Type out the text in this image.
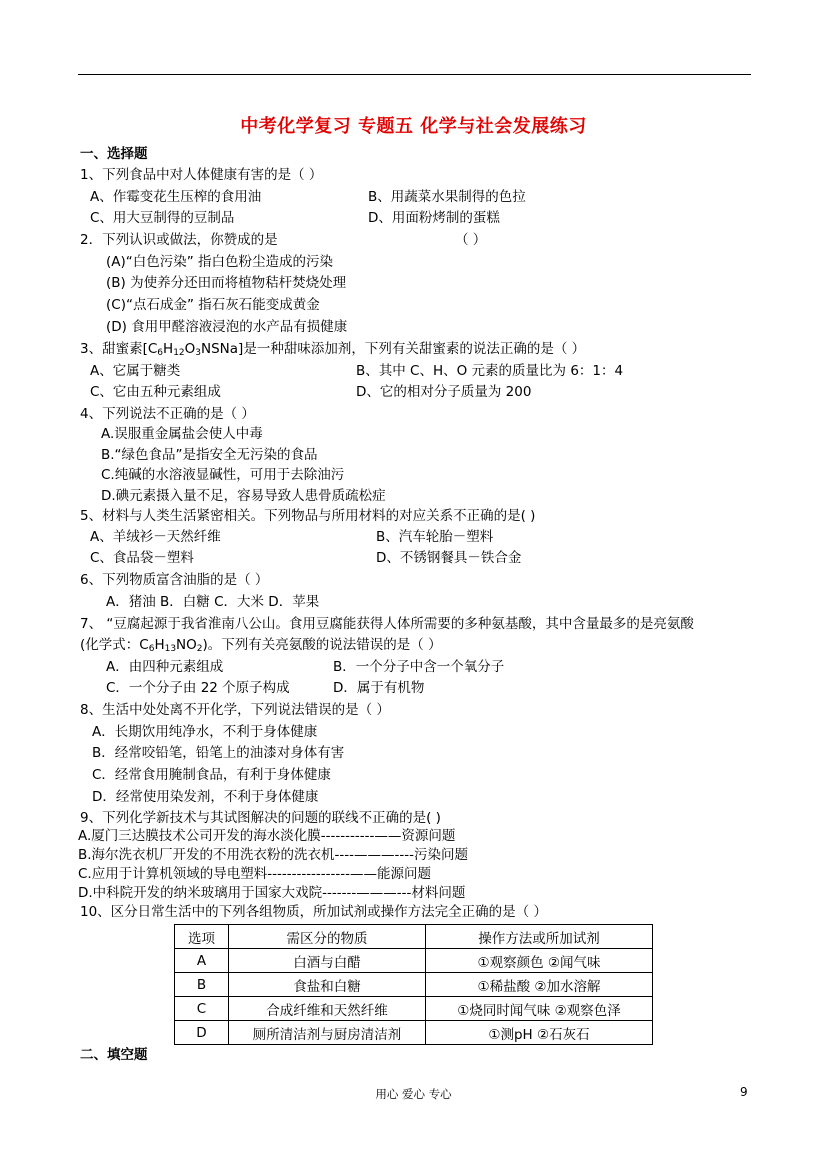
中考化学复习 专题五 化学与社会发展练习
一、选择题
1、下列食品中对人体健康有害的是（ ）
A、作霉变花生压榨的食用油	B、用蔬菜水果制得的色拉
C、用大豆制得的豆制品	D、用面粉烤制的蛋糕
2．下列认识或做法，你赞成的是	（ ）
(A)“白色污染” 指白色粉尘造成的污染
(B) 为使养分还田而将植物秸杆焚烧处理
(C)“点石成金” 指石灰石能变成黄金
(D) 食用甲醛溶液浸泡的水产品有损健康
3、甜蜜素$[C_6H_{12}O_3NSNa]$是一种甜味添加剂，下列有关甜蜜素的说法正确的是（ ）
A、它属于糖类	B、其中 C、H、O 元素的质量比为 6：1：4
C、它由五种元素组成	D、它的相对分子质量为 200
4、下列说法不正确的是（ ）
A.误服重金属盐会使人中毒
B.“绿色食品”是指安全无污染的食品
C.纯碱的水溶液显碱性，可用于去除油污
D.碘元素摄入量不足，容易导致人患骨质疏松症
5、材料与人类生活紧密相关。下列物品与所用材料的对应关系不正确的是( )
A、羊绒衫－天然纤维	B、汽车轮胎－塑料
C、食品袋－塑料	D、不锈钢餐具－铁合金
6、下列物质富含油脂的是（ ）
A．猪油 B．白糖 C．大米 D．苹果
7、 “豆腐起源于我省淮南八公山。食用豆腐能获得人体所需要的多种氨基酸，其中含量最多的是亮氨酸
(化学式：$C_6H_{13}NO_2$)。下列有关亮氨酸的说法错误的是（ ）
A．由四种元素组成	B．一个分子中含一个氧分子
C．一个分子由 22 个原子构成	D．属于有机物
8、生活中处处离不开化学，下列说法错误的是（ ）
A．长期饮用纯净水，不利于身体健康
B．经常咬铅笔，铅笔上的油漆对身体有害
C．经常食用腌制食品，有利于身体健康
D．经常使用染发剂，不利于身体健康
9、下列化学新技术与其试图解决的问题的联线不正确的是( )
A.厦门三达膜技术公司开发的海水淡化膜-----------——资源问题
B.海尔洗衣机厂开发的不用洗衣粉的洗衣机----———----污染问题
C.应用于计算机领域的导电塑料-----------------——能源问题
D.中科院开发的纳米玻璃用于国家大戏院-------———---材料问题
10、区分日常生活中的下列各组物质，所加试剂或操作方法完全正确的是（ ）
选项	需区分的物质	操作方法或所加试剂
A	白酒与白醋	①观察颜色 ②闻气味
B	食盐和白糖	①稀盐酸 ②加水溶解
C	合成纤维和天然纤维	①烧同时闻气味 ②观察色泽
D	厕所清洁剂与厨房清洁剂	①测pH ②石灰石
二、填空题
用心 爱心 专心	9
